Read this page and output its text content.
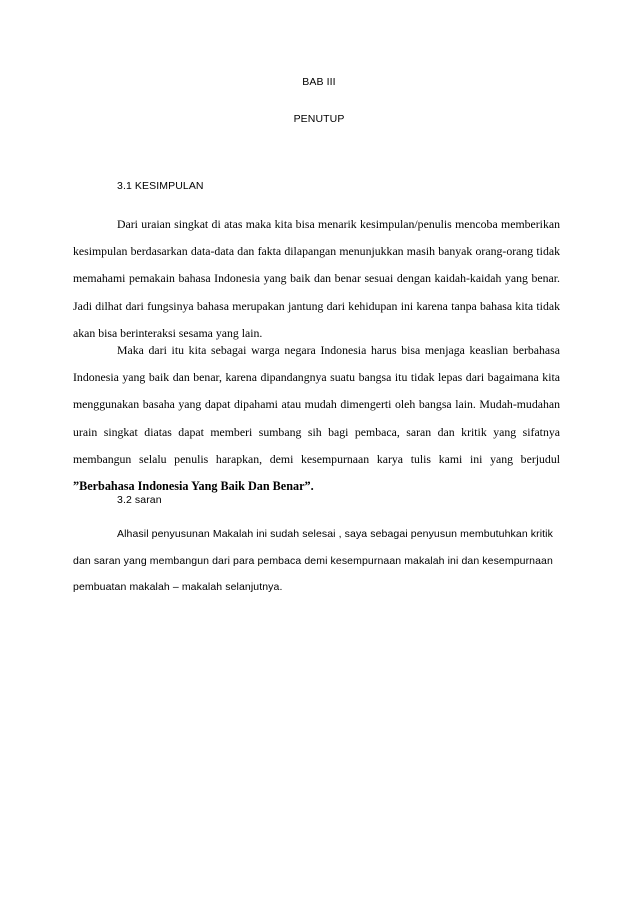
BAB III
PENUTUP
3.1 KESIMPULAN

Dari uraian singkat di atas maka kita bisa menarik kesimpulan/penulis mencoba memberikan kesimpulan berdasarkan data-data dan fakta dilapangan menunjukkan masih banyak orang-orang tidak memahami pemakain bahasa Indonesia yang baik dan benar sesuai dengan kaidah-kaidah yang benar. Jadi dilhat dari fungsinya bahasa merupakan jantung dari kehidupan ini karena tanpa bahasa kita tidak akan bisa berinteraksi sesama yang lain.

Maka dari itu kita sebagai warga negara Indonesia harus bisa menjaga keaslian berbahasa Indonesia yang baik dan benar, karena dipandangnya suatu bangsa itu tidak lepas dari bagaimana kita menggunakan basaha yang dapat dipahami atau mudah dimengerti oleh bangsa lain. Mudah-mudahan urain singkat diatas dapat memberi sumbang sih bagi pembaca, saran dan kritik yang sifatnya membangun selalu penulis harapkan, demi kesempurnaan karya tulis kami ini yang berjudul ”Berbahasa Indonesia Yang Baik Dan Benar”.

3.2 saran

Alhasil penyusunan Makalah ini sudah selesai , saya sebagai penyusun membutuhkan kritik dan saran yang membangun dari para pembaca demi kesempurnaan makalah ini dan kesempurnaan pembuatan makalah – makalah selanjutnya.
